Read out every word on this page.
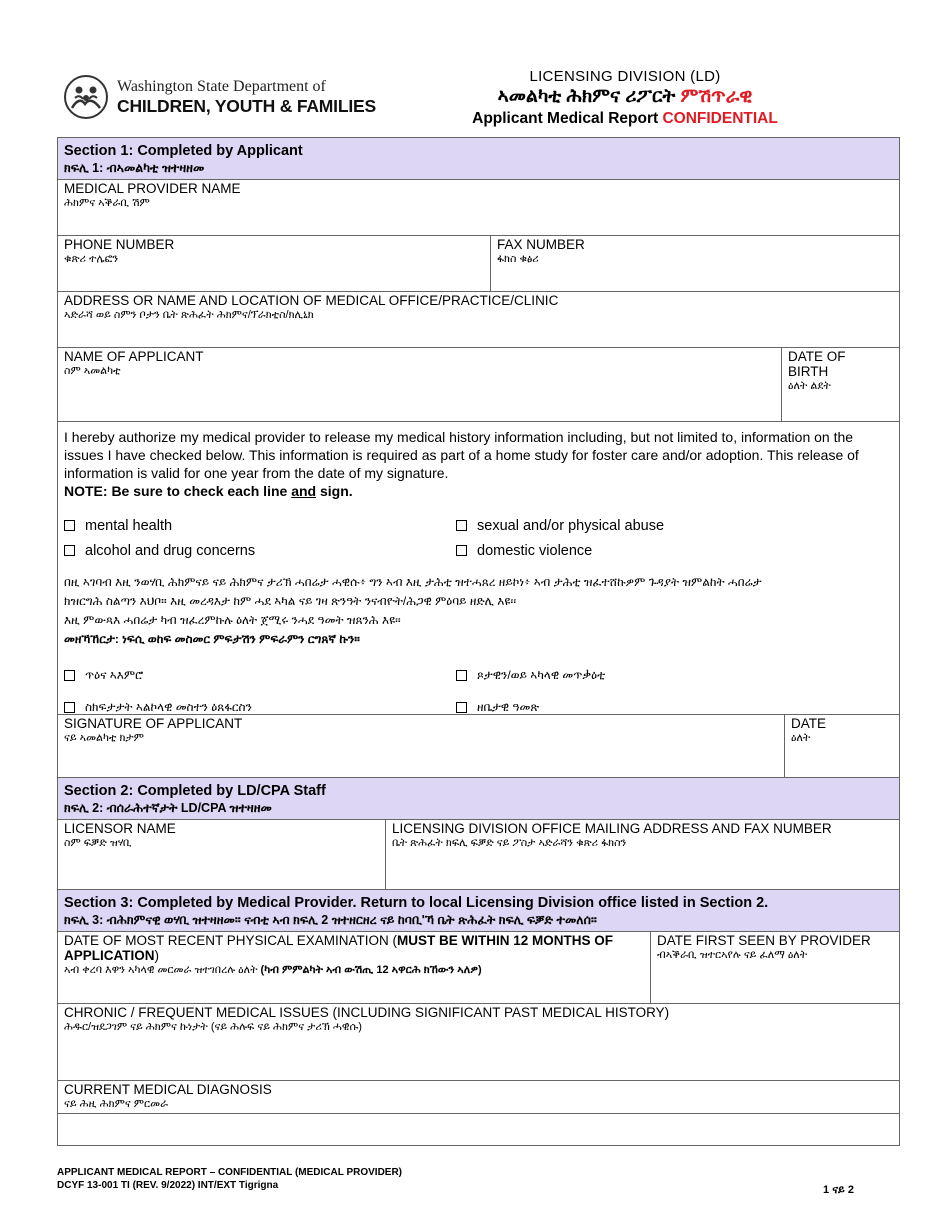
Washington State Department of
CHILDREN, YOUTH & FAMILIES
LICENSING DIVISION (LD)
ኣመልካቲ ሕክምና ሪፖርት ምሽጥራዊ
Applicant Medical Report CONFIDENTIAL
Section 1: Completed by Applicant
ክፍሊ 1: ብኣመልካቲ ዝተዛዘመ
MEDICAL PROVIDER NAME
ሕክምና ኣቕራቢ ሽም
PHONE NUMBER
ቁጽሪ ተሌፎን
FAX NUMBER
ፋክስ ቁፅሪ
ADDRESS OR NAME AND LOCATION OF MEDICAL OFFICE/PRACTICE/CLINIC
ኣድራሻ ወይ ስምን ቦታን ቤት ጽሕፈት ሕክምና/ፕራክቲስ/ክሊኒክ
NAME OF APPLICANT
ስም ኣመልካቲ
DATE OF
BIRTH
ዕለት ልደት
I hereby authorize my medical provider to release my medical history information including, but not limited to, information on the issues I have checked below. This information is required as part of a home study for foster care and/or adoption. This release of information is valid for one year from the date of my signature.
NOTE: Be sure to check each line and sign.
mental health	sexual and/or physical abuse
alcohol and drug concerns	domestic violence
በዚ ኣገባብ እዚ ንወሃቢ ሕክምናይ ናይ ሕክምና ታሪኽ ሓበሬታ ሓዊሱ፥ ግን ኣብ እዚ ታሕቲ ዝተሓጸረ ዘይኮነ፥ ኣብ ታሕቲ ዝፈተሸኩዎም ጉዳያት ዝምልከት ሓበሬታ
ክዝርግሕ ስልጣን እህቦ። እዚ መረዳእታ ከም ሓደ ኣካል ናይ ገዛ ጽንዓት ንናብዮት/ሕጋዊ ምዕባይ ዘድሊ እዩ፡፡
እዚ ምውጻእ ሓበሬታ ካብ ዝፈረምኩሉ ዕለት ጀሚሩ ንሓደ ዓመት ዝጸንሕ እዩ፡፡
መዘኻኸርታ: ነፍሲ ወከፍ መስመር ምፍታሽን ምፍራምን ርግጸኛ ኩን።
ጥዕና ኣእምሮ	ጾታዊን/ወይ ኣካላዊ መጥቃዕቲ
ስክፍታታት ኣልኮላዊ መስተን ዕጸፋርስን	ዘቤታዊ ዓመጽ
SIGNATURE OF APPLICANT
ናይ ኣመልካቲ ክታም
DATE
ዕለት
Section 2: Completed by LD/CPA Staff
ክፍሊ 2: ብሰራሕተኛታት LD/CPA ዝተዛዘመ
LICENSOR NAME
ስም ፍቓድ ዝሃቢ
LICENSING DIVISION OFFICE MAILING ADDRESS AND FAX NUMBER
ቤት ጽሕፈት ክፍሊ ፍቓድ ናይ ፖስታ ኣድራሻን ቁጽሪ ፋክስን
Section 3: Completed by Medical Provider. Return to local Licensing Division office listed in Section 2.
ክፍሊ 3: ብሕክምናዊ ወሃቢ ዝተዛዘመ። ናብቲ ኣብ ክፍሊ 2 ዝተዘርዘረ ናይ ከባቢ'ኻ ቤት ጽሕፈት ክፍሊ ፍቓድ ተመለሰ።
DATE OF MOST RECENT PHYSICAL EXAMINATION (MUST BE WITHIN 12 MONTHS OF APPLICATION)
ኣብ ቀረባ እዋን ኣካላዊ መርመራ ዝተገበረሉ ዕለት (ካብ ምምልካት ኣብ ውሽጢ 12 ኣዋርሕ ክኸውን ኣለዎ)
DATE FIRST SEEN BY PROVIDER
ብኣቕራቢ ዝተርኣየሉ ናይ ፈለማ ዕለት
CHRONIC / FREQUENT MEDICAL ISSUES (INCLUDING SIGNIFICANT PAST MEDICAL HISTORY)
ሕዱር/ዝደጋገም ናይ ሕክምና ኩነታት (ናይ ሕሉፍ ናይ ሕክምና ታሪኽ ሓዊሱ)
CURRENT MEDICAL DIAGNOSIS
ናይ ሕዚ ሕክምና ምርመራ
APPLICANT MEDICAL REPORT – CONFIDENTIAL (MEDICAL PROVIDER)
DCYF 13-001 TI (REV. 9/2022) INT/EXT Tigrigna	1 ናይ 2
